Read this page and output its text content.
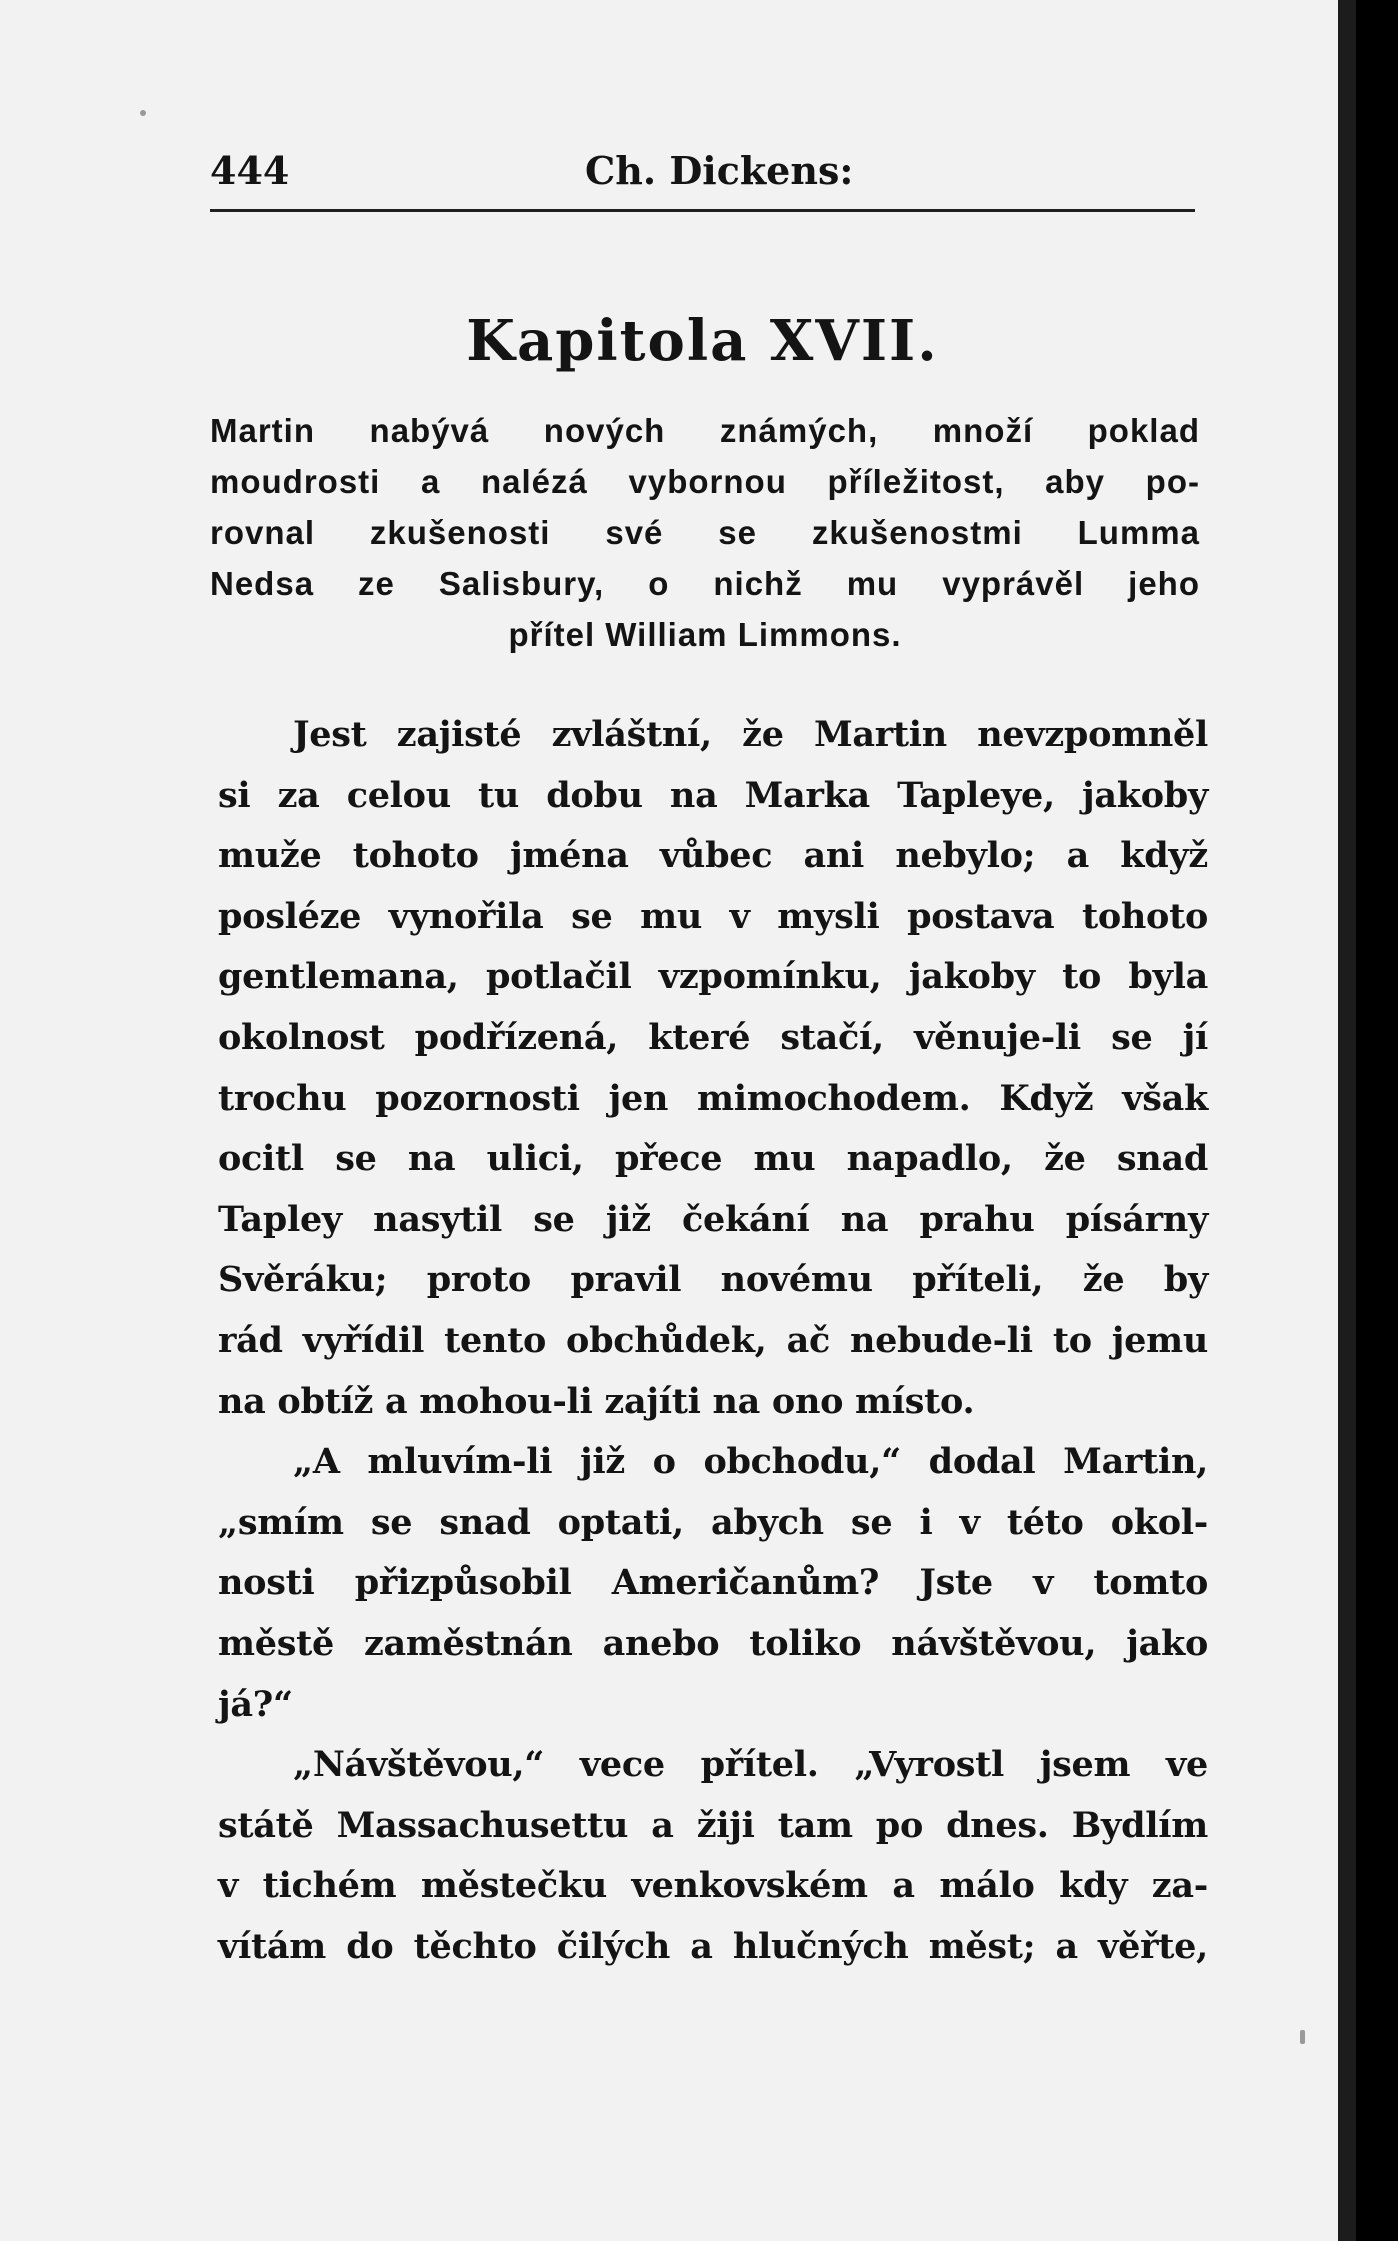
444	Ch. Dickens:
Kapitola XVII.
Martin nabývá nových známých, množí poklad
moudrosti a nalézá vybornou příležitost, aby po-
rovnal zkušenosti své se zkušenostmi Lumma
Nedsa ze Salisbury, o nichž mu vyprávěl jeho
přítel William Limmons.
Jest zajisté zvláštní, že Martin nevzpomněl
si za celou tu dobu na Marka Tapleye, jakoby
muže tohoto jména vůbec ani nebylo; a když
posléze vynořila se mu v mysli postava tohoto
gentlemana, potlačil vzpomínku, jakoby to byla
okolnost podřízená, které stačí, věnuje-li se jí
trochu pozornosti jen mimochodem. Když však
ocitl se na ulici, přece mu napadlo, že snad
Tapley nasytil se již čekání na prahu písárny
Svěráku; proto pravil novému příteli, že by
rád vyřídil tento obchůdek, ač nebude-li to jemu
na obtíž a mohou-li zajíti na ono místo.
„A mluvím-li již o obchodu,“ dodal Martin,
„smím se snad optati, abych se i v této okol-
nosti přizpůsobil Američanům? Jste v tomto
městě zaměstnán anebo toliko návštěvou, jako
já?“
„Návštěvou,“ vece přítel. „Vyrostl jsem ve
státě Massachusettu a žiji tam po dnes. Bydlím
v tichém městečku venkovském a málo kdy za-
vítám do těchto čilých a hlučných měst; a věřte,
